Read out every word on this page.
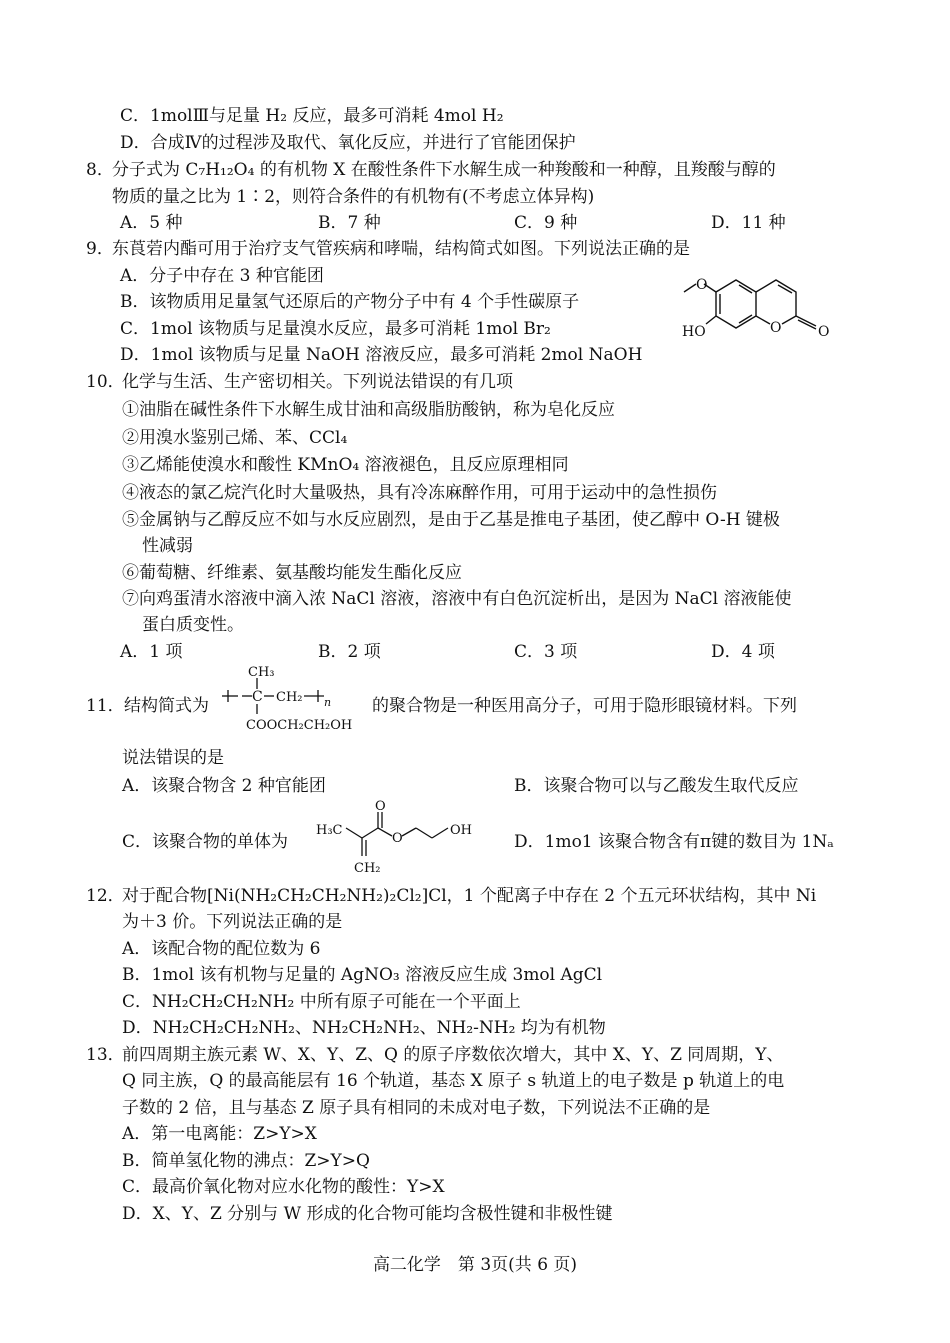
C．1molⅢ与足量 H₂ 反应，最多可消耗 4mol H₂
D．合成Ⅳ的过程涉及取代、氧化反应，并进行了官能团保护
8．
分子式为 C₇H₁₂O₄ 的有机物 X 在酸性条件下水解生成一种羧酸和一种醇，且羧酸与醇的
物质的量之比为 1∶2，则符合条件的有机物有(不考虑立体异构)
A．5 种	B．7 种	C．9 种	D．11 种
9．
东莨菪内酯可用于治疗支气管疾病和哮喘，结构简式如图。下列说法正确的是
A．分子中存在 3 种官能团
B．该物质用足量氢气还原后的产物分子中有 4 个手性碳原子
C．1mol 该物质与足量溴水反应，最多可消耗 1mol Br₂
D．1mol 该物质与足量 NaOH 溶液反应，最多可消耗 2mol NaOH
O
O	O
HO
10．
化学与生活、生产密切相关。下列说法错误的有几项
①油脂在碱性条件下水解生成甘油和高级脂肪酸钠，称为皂化反应
②用溴水鉴别己烯、苯、CCl₄
③乙烯能使溴水和酸性 KMnO₄ 溶液褪色，且反应原理相同
④液态的氯乙烷汽化时大量吸热，具有冷冻麻醉作用，可用于运动中的急性损伤
⑤金属钠与乙醇反应不如与水反应剧烈，是由于乙基是推电子基团，使乙醇中 O-H 键极
性减弱
⑥葡萄糖、纤维素、氨基酸均能发生酯化反应
⑦向鸡蛋清水溶液中滴入浓 NaCl 溶液，溶液中有白色沉淀析出，是因为 NaCl 溶液能使
蛋白质变性。
A．1 项	B．2 项	C．3 项	D．4 项
11． 结构简式为
CH₃
C CH₂ n
COOCH₂CH₂OH
的聚合物是一种医用高分子，可用于隐形眼镜材料。下列
说法错误的是
A．该聚合物含 2 种官能团	B．该聚合物可以与乙酸发生取代反应
C．该聚合物的单体为
H₃C
O
O
OH
CH₂
D．1mo1 该聚合物含有π键的数目为 1Nₐ
12．
对于配合物[Ni(NH₂CH₂CH₂NH₂)₂Cl₂]Cl，1 个配离子中存在 2 个五元环状结构，其中 Ni
为＋3 价。下列说法正确的是
A．该配合物的配位数为 6
B．1mol 该有机物与足量的 AgNO₃ 溶液反应生成 3mol AgCl
C．NH₂CH₂CH₂NH₂ 中所有原子可能在一个平面上
D．NH₂CH₂CH₂NH₂、NH₂CH₂NH₂、NH₂-NH₂ 均为有机物
13．
前四周期主族元素 W、X、Y、Z、Q 的原子序数依次增大，其中 X、Y、Z 同周期，Y、
Q 同主族，Q 的最高能层有 16 个轨道，基态 X 原子 s 轨道上的电子数是 p 轨道上的电
子数的 2 倍，且与基态 Z 原子具有相同的未成对电子数，下列说法不正确的是
A．第一电离能：Z>Y>X
B．简单氢化物的沸点：Z>Y>Q
C．最高价氧化物对应水化物的酸性：Y>X
D．X、Y、Z 分别与 W 形成的化合物可能均含极性键和非极性键
高二化学　第 3页(共 6 页)
